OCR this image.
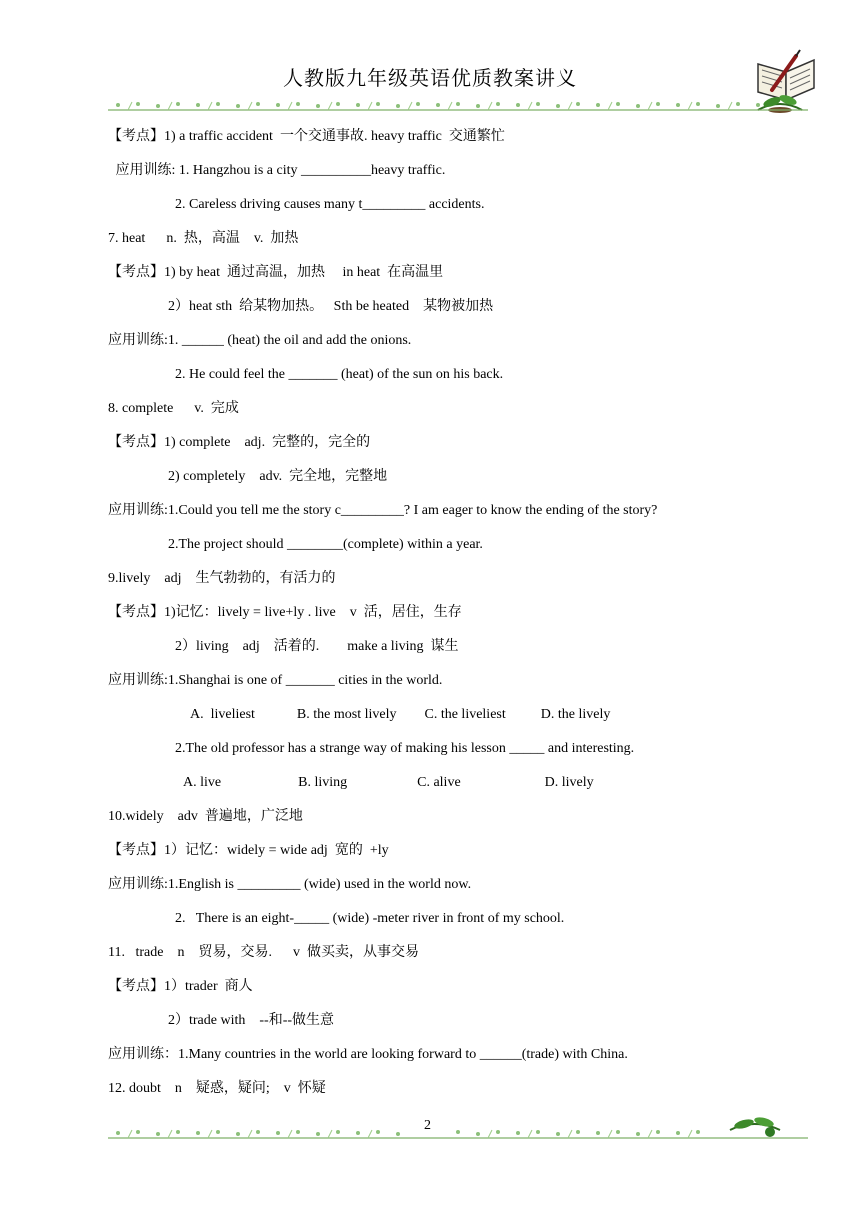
人教版九年级英语优质教案讲义
【考点】1) a traffic accident  一个交通事故. heavy traffic  交通繁忙
应用训练: 1. Hangzhou is a city __________heavy traffic.
2. Careless driving causes many t_________ accidents.
7. heat      n.  热，高温    v.  加热
【考点】1) by heat  通过高温，加热     in heat  在高温里
2）heat sth  给某物加热。   Sth be heated    某物被加热
应用训练:1. ______ (heat) the oil and add the onions.
2. He could feel the _______ (heat) of the sun on his back.
8. complete      v.  完成
【考点】1) complete    adj.  完整的，完全的
2) completely    adv.  完全地，完整地
应用训练:1.Could you tell me the story c_________? I am eager to know the ending of the story?
2.The project should ________(complete) within a year.
9.lively    adj    生气勃勃的，有活力的
【考点】1)记忆：lively = live+ly . live    v  活，居住，生存
2）living    adj    活着的.        make a living  谋生
应用训练:1.Shanghai is one of _______ cities in the world.
A.  liveliest            B. the most lively        C. the liveliest          D. the lively
2.The old professor has a strange way of making his lesson _____ and interesting.
A. live                      B. living                    C. alive                        D. lively
10.widely    adv  普遍地，广泛地
【考点】1）记忆：widely = wide adj  宽的  +ly
应用训练:1.English is _________ (wide) used in the world now.
2.   There is an eight-_____ (wide) -meter river in front of my school.
11.   trade    n    贸易，交易.      v  做买卖，从事交易
【考点】1）trader  商人
2）trade with    --和--做生意
应用训练：1.Many countries in the world are looking forward to ______(trade) with China.
12. doubt    n    疑惑，疑问;    v  怀疑
2
